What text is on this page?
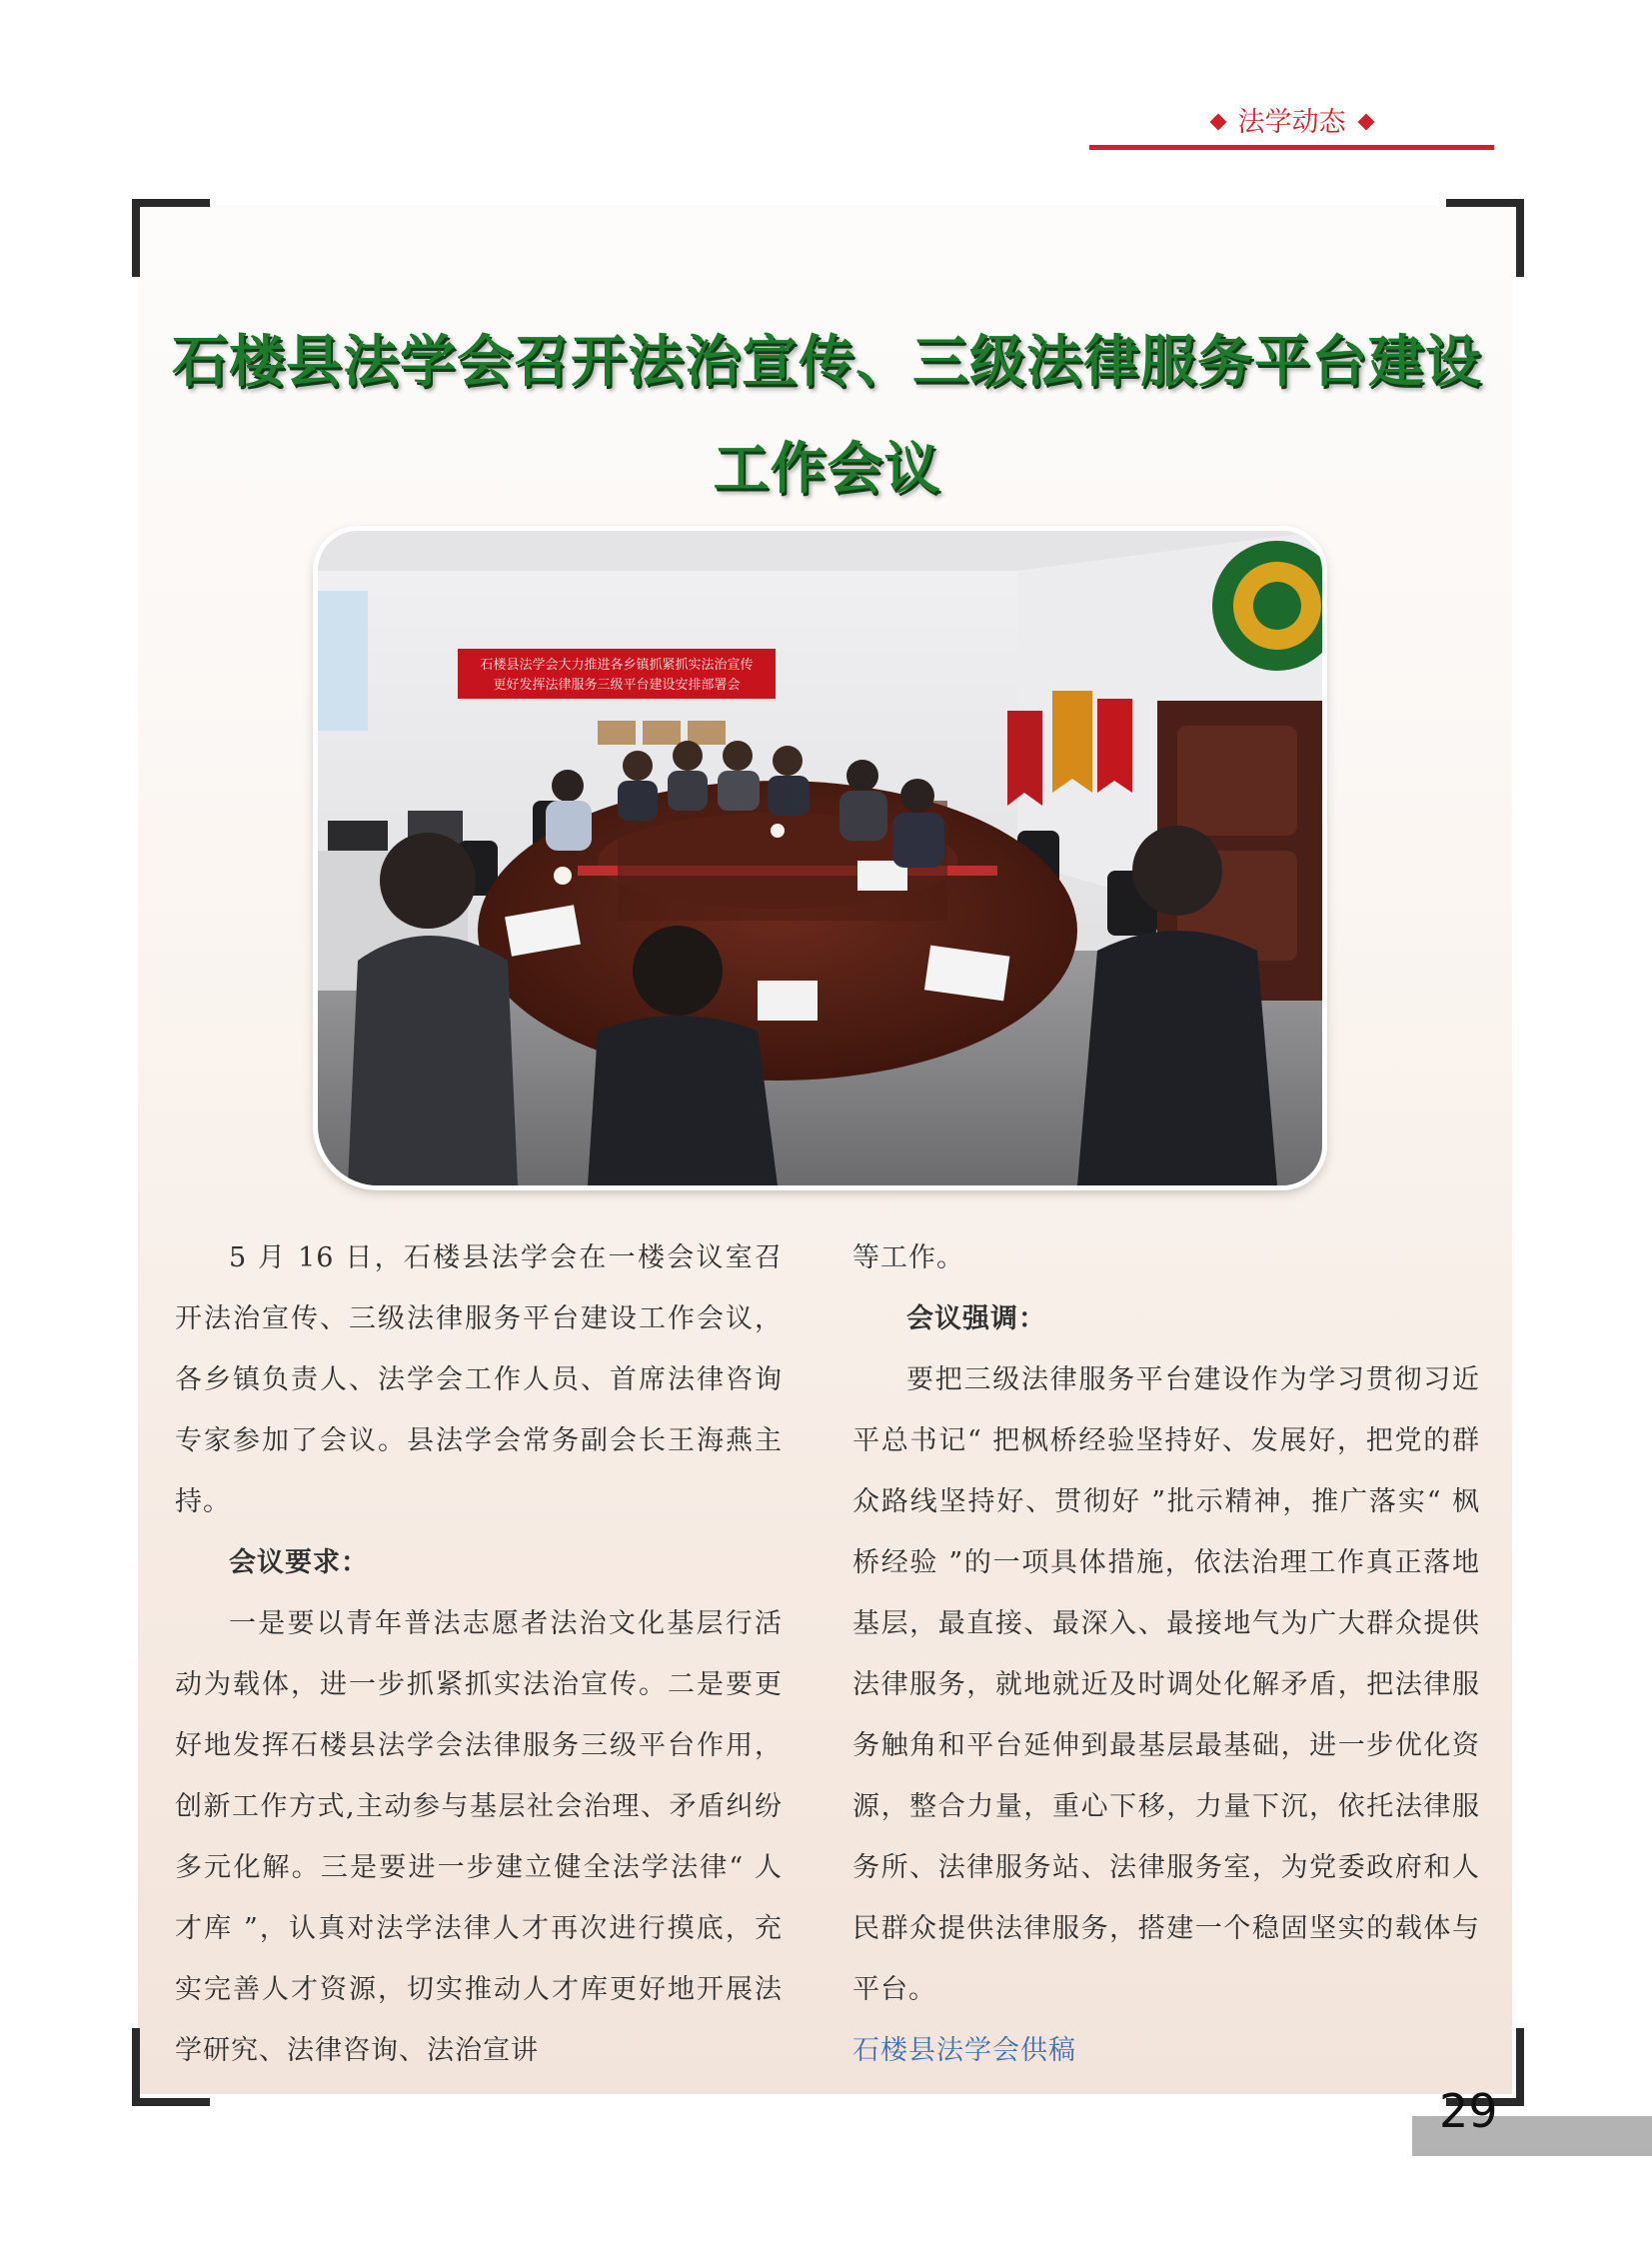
法学动态
石楼县法学会召开法治宣传、三级法律服务平台建设
工作会议
石楼县法学会大力推进各乡镇抓紧抓实法治宣传
更好发挥法律服务三级平台建设安排部署会

5 月 16 日，石楼县法学会在一楼会议室召开法治宣传、三级法律服务平台建设工作会议，各乡镇负责人、法学会工作人员、首席法律咨询专家参加了会议。县法学会常务副会长王海燕主持。

会议要求：

一是要以青年普法志愿者法治文化基层行活动为载体，进一步抓紧抓实法治宣传。二是要更好地发挥石楼县法学会法律服务三级平台作用，创新工作方式,主动参与基层社会治理、矛盾纠纷多元化解。三是要进一步建立健全法学法律“ 人才库 ”，认真对法学法律人才再次进行摸底，充实完善人才资源，切实推动人才库更好地开展法学研究、法律咨询、法治宣讲

等工作。

会议强调：

要把三级法律服务平台建设作为学习贯彻习近平总书记“ 把枫桥经验坚持好、发展好，把党的群众路线坚持好、贯彻好 ”批示精神，推广落实“ 枫桥经验 ”的一项具体措施，依法治理工作真正落地基层，最直接、最深入、最接地气为广大群众提供法律服务，就地就近及时调处化解矛盾，把法律服务触角和平台延伸到最基层最基础，进一步优化资源，整合力量，重心下移，力量下沉，依托法律服务所、法律服务站、法律服务室，为党委政府和人民群众提供法律服务，搭建一个稳固坚实的载体与平台。

石楼县法学会供稿

29
